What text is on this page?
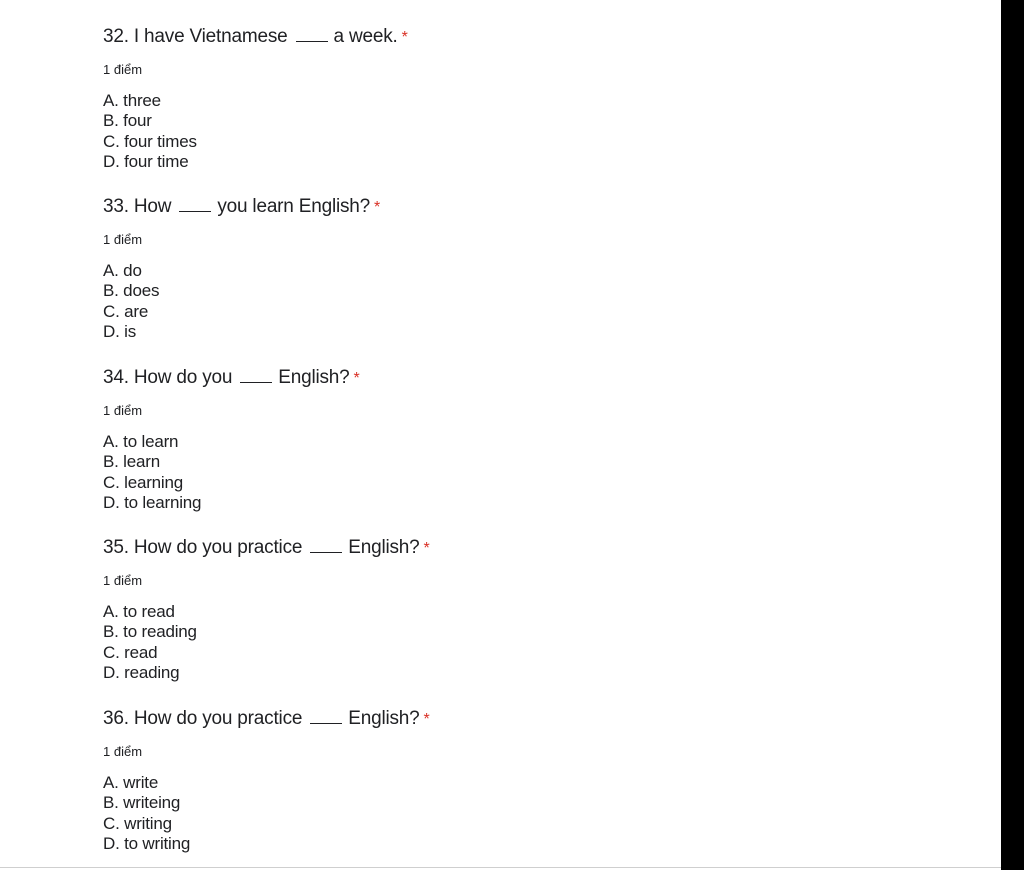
32. I have Vietnamese a week. *
1 điểm
A. three
B. four
C. four times
D. four time
33. How you learn English? *
1 điểm
A. do
B. does
C. are
D. is
34. How do you English? *
1 điểm
A. to learn
B. learn
C. learning
D. to learning
35. How do you practice English? *
1 điểm
A. to read
B. to reading
C. read
D. reading
36. How do you practice English? *
1 điểm
A. write
B. writeing
C. writing
D. to writing
